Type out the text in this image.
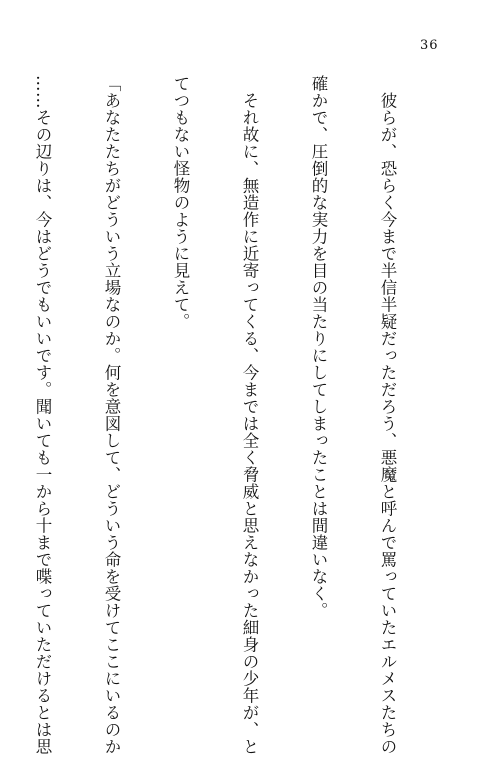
36

　彼らが、恐らく今まで半信半疑だっただろう、悪魔と呼んで罵っていたエルメスたちの

確かで、圧倒的な実力を目の当たりにしてしまったことは間違いなく。

　それ故に、無造作に近寄ってくる、今までは全く脅威と思えなかった細身の少年が、と

てつもない怪物のように見えて。

「あなたたちがどういう立場なのか。何を意図して、どういう命を受けてここにいるのか

……その辺りは、今はどうでもいいです。聞いても一から十まで喋っていただけるとは思
